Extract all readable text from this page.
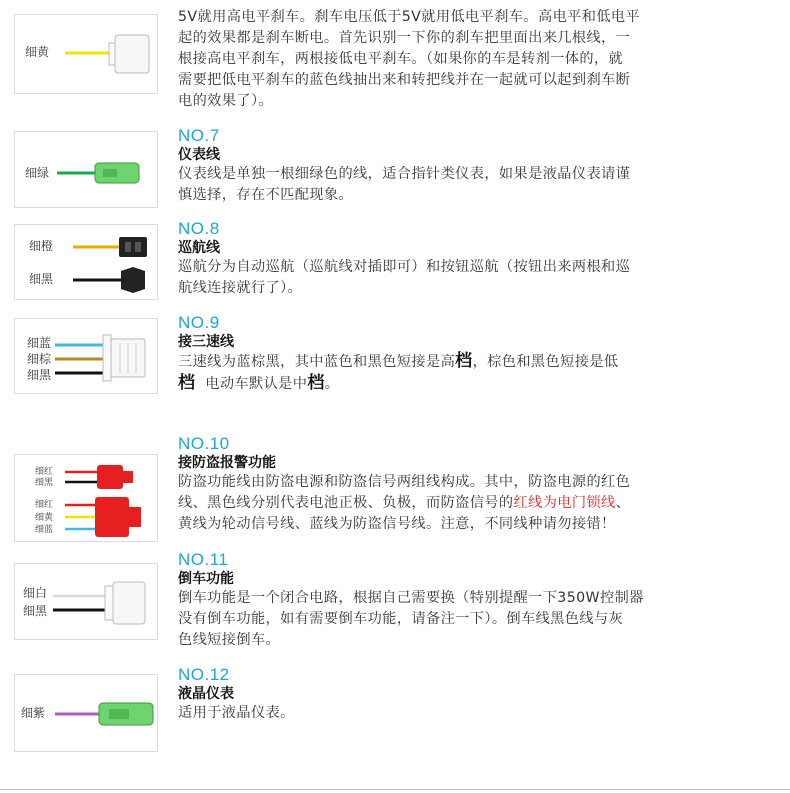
细黄
5V就用高电平刹车。刹车电压低于5V就用低电平刹车。高电平和低电平
起的效果都是刹车断电。首先识别一下你的刹车把里面出来几根线，一
根接高电平刹车，两根接低电平刹车。（如果你的车是转剂一体的，就
需要把低电平刹车的蓝色线抽出来和转把线并在一起就可以起到刹车断
电的效果了）。
细绿
NO.7
仪表线
仪表线是单独一根细绿色的线，适合指针类仪表，如果是液晶仪表请谨
慎选择，存在不匹配现象。
细橙
细黑
NO.8
巡航线
巡航分为自动巡航（巡航线对插即可）和按钮巡航（按钮出来两根和巡
航线连接就行了）。
细蓝
细棕
细黑
NO.9
接三速线
三速线为蓝棕黑，其中蓝色和黑色短接是高档，棕色和黑色短接是低
档 电动车默认是中档。
细红
细黑
细红
细黄
细蓝
NO.10
接防盗报警功能
防盗功能线由防盗电源和防盗信号两组线构成。其中，防盗电源的红色
线、黑色线分别代表电池正极、负极，而防盗信号的红线为电门锁线、
黄线为轮动信号线、蓝线为防盗信号线。注意，不同线种请勿接错！
细白
细黑
NO.11
倒车功能
倒车功能是一个闭合电路，根据自己需要换（特别提醒一下350W控制器
没有倒车功能，如有需要倒车功能，请备注一下）。倒车线黑色线与灰
色线短接倒车。
细紫
NO.12
液晶仪表
适用于液晶仪表。
